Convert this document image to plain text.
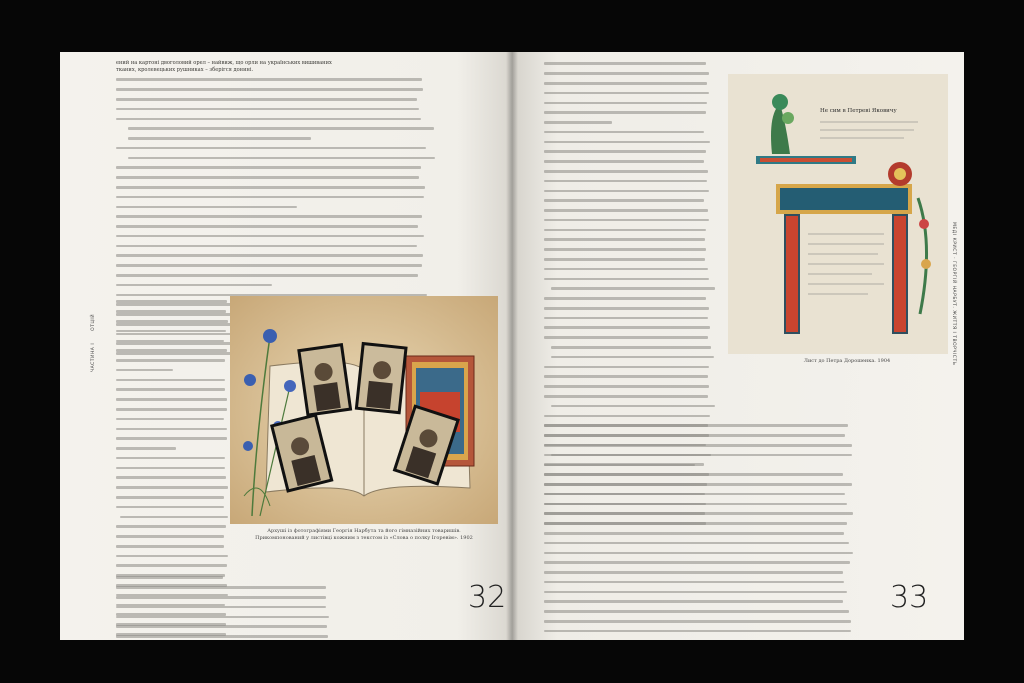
ений на картоні двоголовий орел – найвиж, що орли на українських вишиваних
тканих, кролевецьких рушниках – зберігся донині.
Архуші із фотографіями Георгія Нарбута та його гімназійних товаришів.
Прикомпонований у листівці кожним з текстом із «Слова о полку Ігоревім». 1902
ЧАСТИНА I ОТЦІЙ
32
Не сим в Петреві Яковичу
Лист до Петра Дорошенка. 1904	МЕДІ КРИСТ · ГЕОРГІЙ НАРБУТ. ЖИТТЯ І ТВОРЧІСТЬ
33
